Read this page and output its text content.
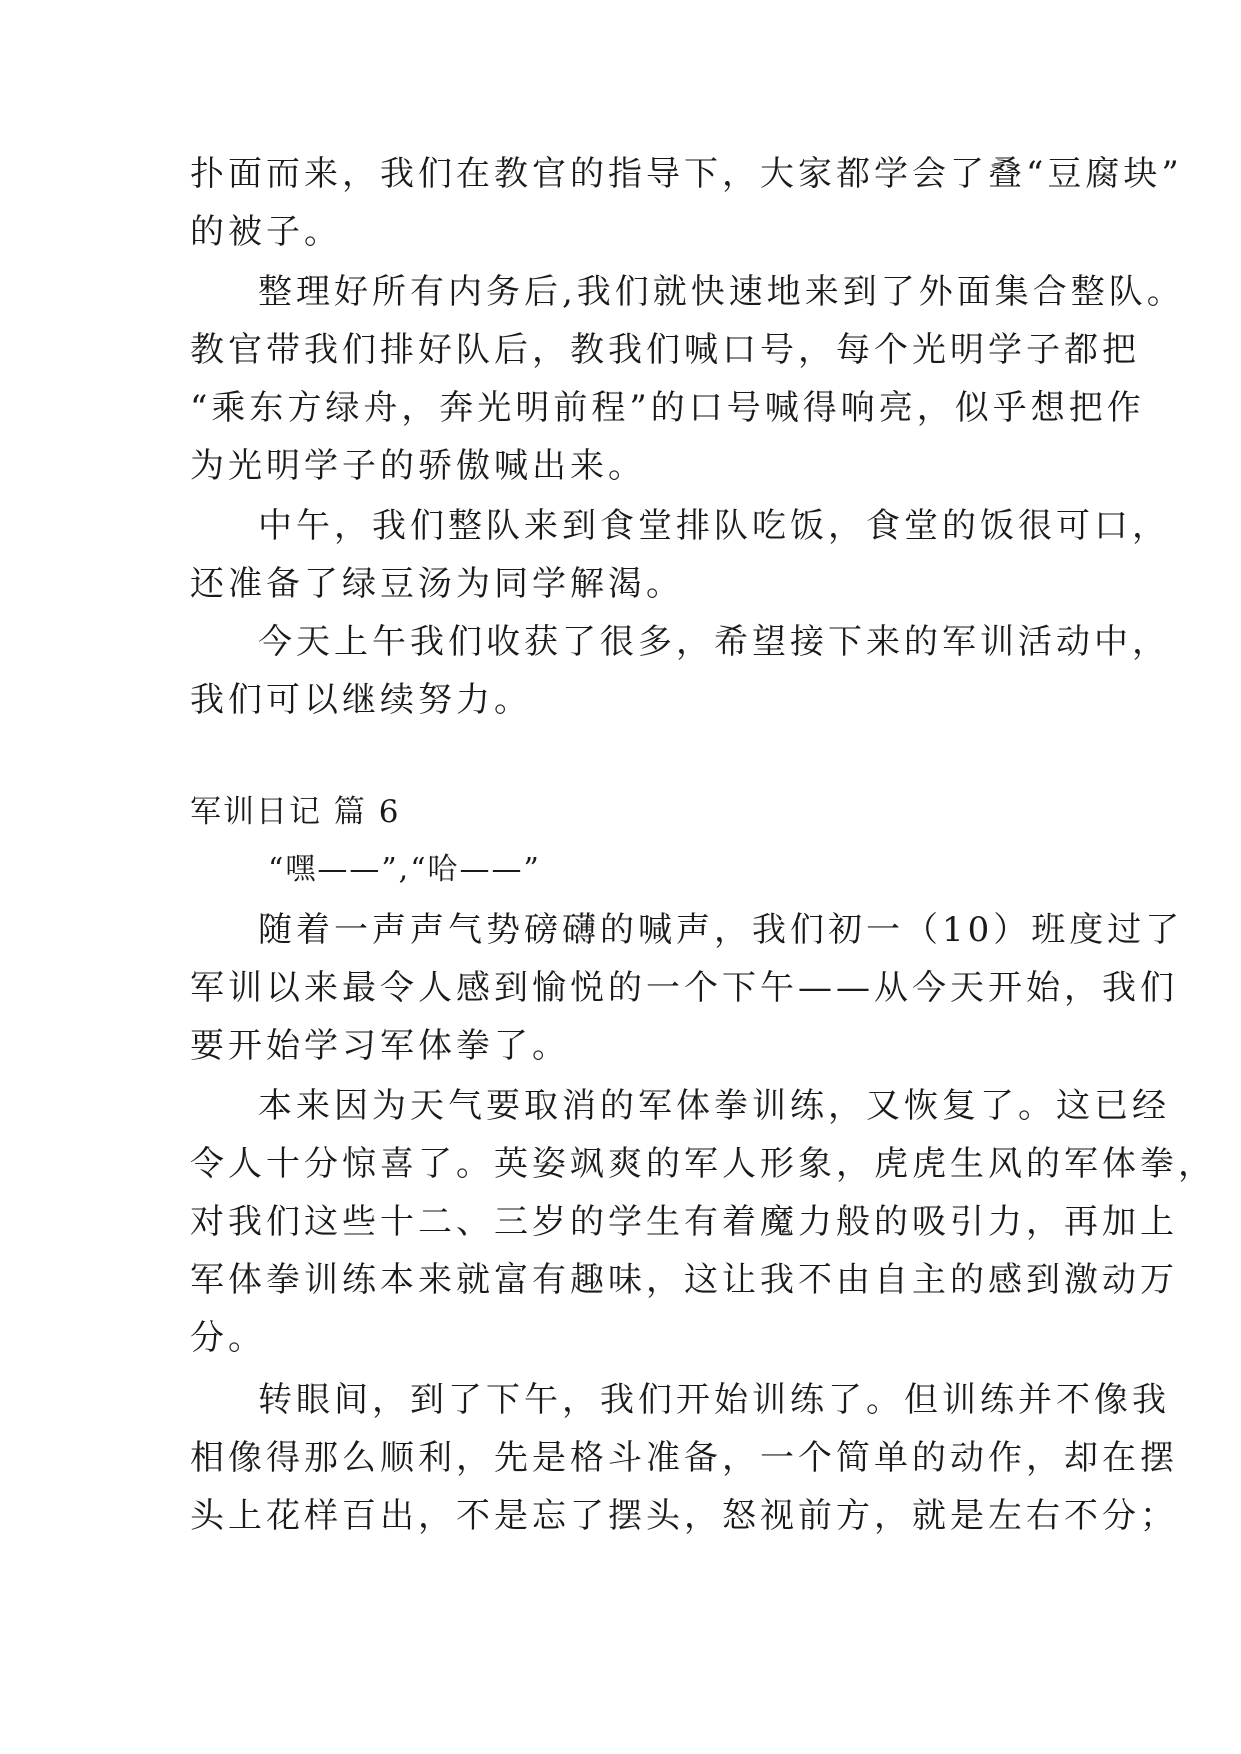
扑面而来，我们在教官的指导下，大家都学会了叠“豆腐块”
的被子。
整理好所有内务后,我们就快速地来到了外面集合整队。
教官带我们排好队后，教我们喊口号，每个光明学子都把
“乘东方绿舟，奔光明前程”的口号喊得响亮，似乎想把作
为光明学子的骄傲喊出来。
中午，我们整队来到食堂排队吃饭，食堂的饭很可口，
还准备了绿豆汤为同学解渴。
今天上午我们收获了很多，希望接下来的军训活动中，
我们可以继续努力。
军训日记 篇 6
“嘿——”,“哈——”
随着一声声气势磅礴的喊声，我们初一（10）班度过了
军训以来最令人感到愉悦的一个下午——从今天开始，我们
要开始学习军体拳了。
本来因为天气要取消的军体拳训练，又恢复了。这已经
令人十分惊喜了。英姿飒爽的军人形象，虎虎生风的军体拳，
对我们这些十二、三岁的学生有着魔力般的吸引力，再加上
军体拳训练本来就富有趣味，这让我不由自主的感到激动万
分。
转眼间，到了下午，我们开始训练了。但训练并不像我
相像得那么顺利，先是格斗准备，一个简单的动作，却在摆
头上花样百出，不是忘了摆头，怒视前方，就是左右不分；
